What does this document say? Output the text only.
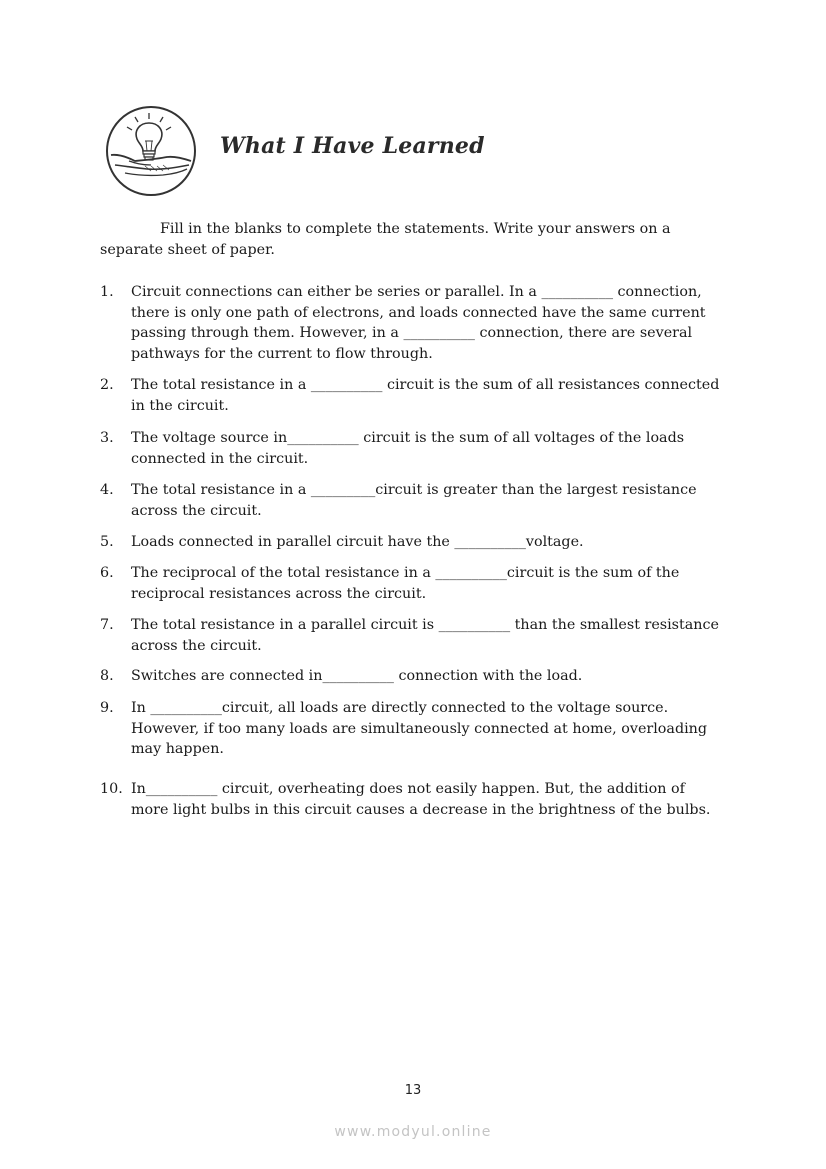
What I Have Learned

Fill in the blanks to complete the statements. Write your answers on a separate sheet of paper.

1. Circuit connections can either be series or parallel. In a __________ connection, there is only one path of electrons, and loads connected have the same current passing through them. However, in a __________ connection, there are several pathways for the current to flow through.
2. The total resistance in a __________ circuit is the sum of all resistances connected in the circuit.
3. The voltage source in__________ circuit is the sum of all voltages of the loads connected in the circuit.
4. The total resistance in a _________circuit is greater than the largest resistance across the circuit.
5. Loads connected in parallel circuit have the __________voltage.
6. The reciprocal of the total resistance in a __________circuit is the sum of the reciprocal resistances across the circuit.
7. The total resistance in a parallel circuit is __________ than the smallest resistance across the circuit.
8. Switches are connected in__________ connection with the load.
9. In __________circuit, all loads are directly connected to the voltage source. However, if too many loads are simultaneously connected at home, overloading may happen.
10. In__________ circuit, overheating does not easily happen. But, the addition of more light bulbs in this circuit causes a decrease in the brightness of the bulbs.
13
www.modyul.online
